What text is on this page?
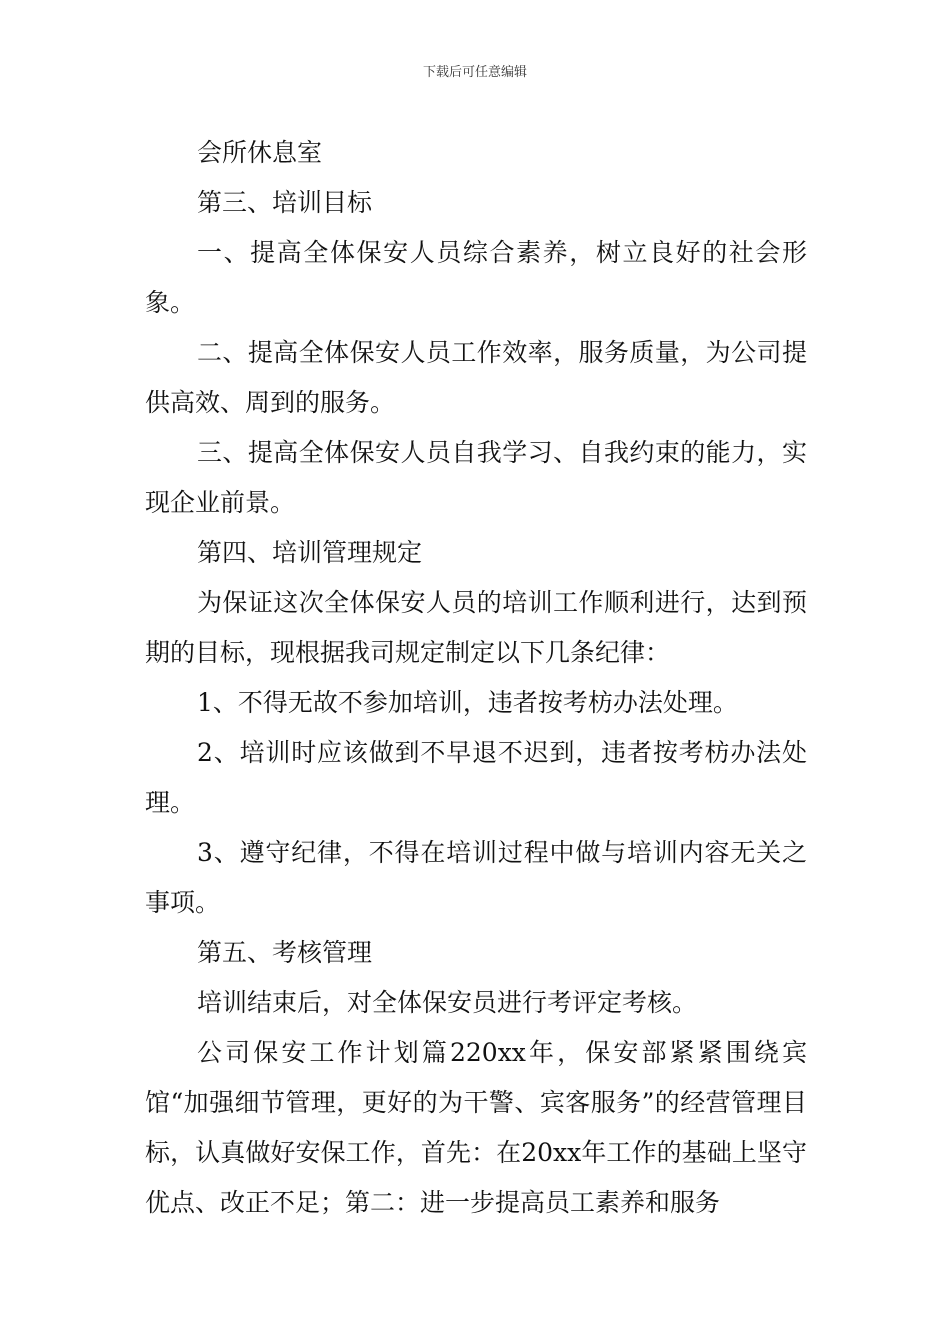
下载后可任意编辑

会所休息室

第三、培训目标

一、提高全体保安人员综合素养，树立良好的社会形象。

二、提高全体保安人员工作效率，服务质量，为公司提供高效、周到的服务。

三、提高全体保安人员自我学习、自我约束的能力，实现企业前景。

第四、培训管理规定

为保证这次全体保安人员的培训工作顺利进行，达到预期的目标，现根据我司规定制定以下几条纪律：

1、不得无故不参加培训，违者按考枋办法处理。

2、培训时应该做到不早退不迟到，违者按考枋办法处理。

3、遵守纪律，不得在培训过程中做与培训内容无关之事项。

第五、考核管理

培训结束后，对全体保安员进行考评定考核。

公司保安工作计划篇220xx年，保安部紧紧围绕宾馆“加强细节管理，更好的为干警、宾客服务”的经营管理目标，认真做好安保工作，首先：在20xx年工作的基础上坚守优点、改正不足；第二：进一步提高员工素养和服务
